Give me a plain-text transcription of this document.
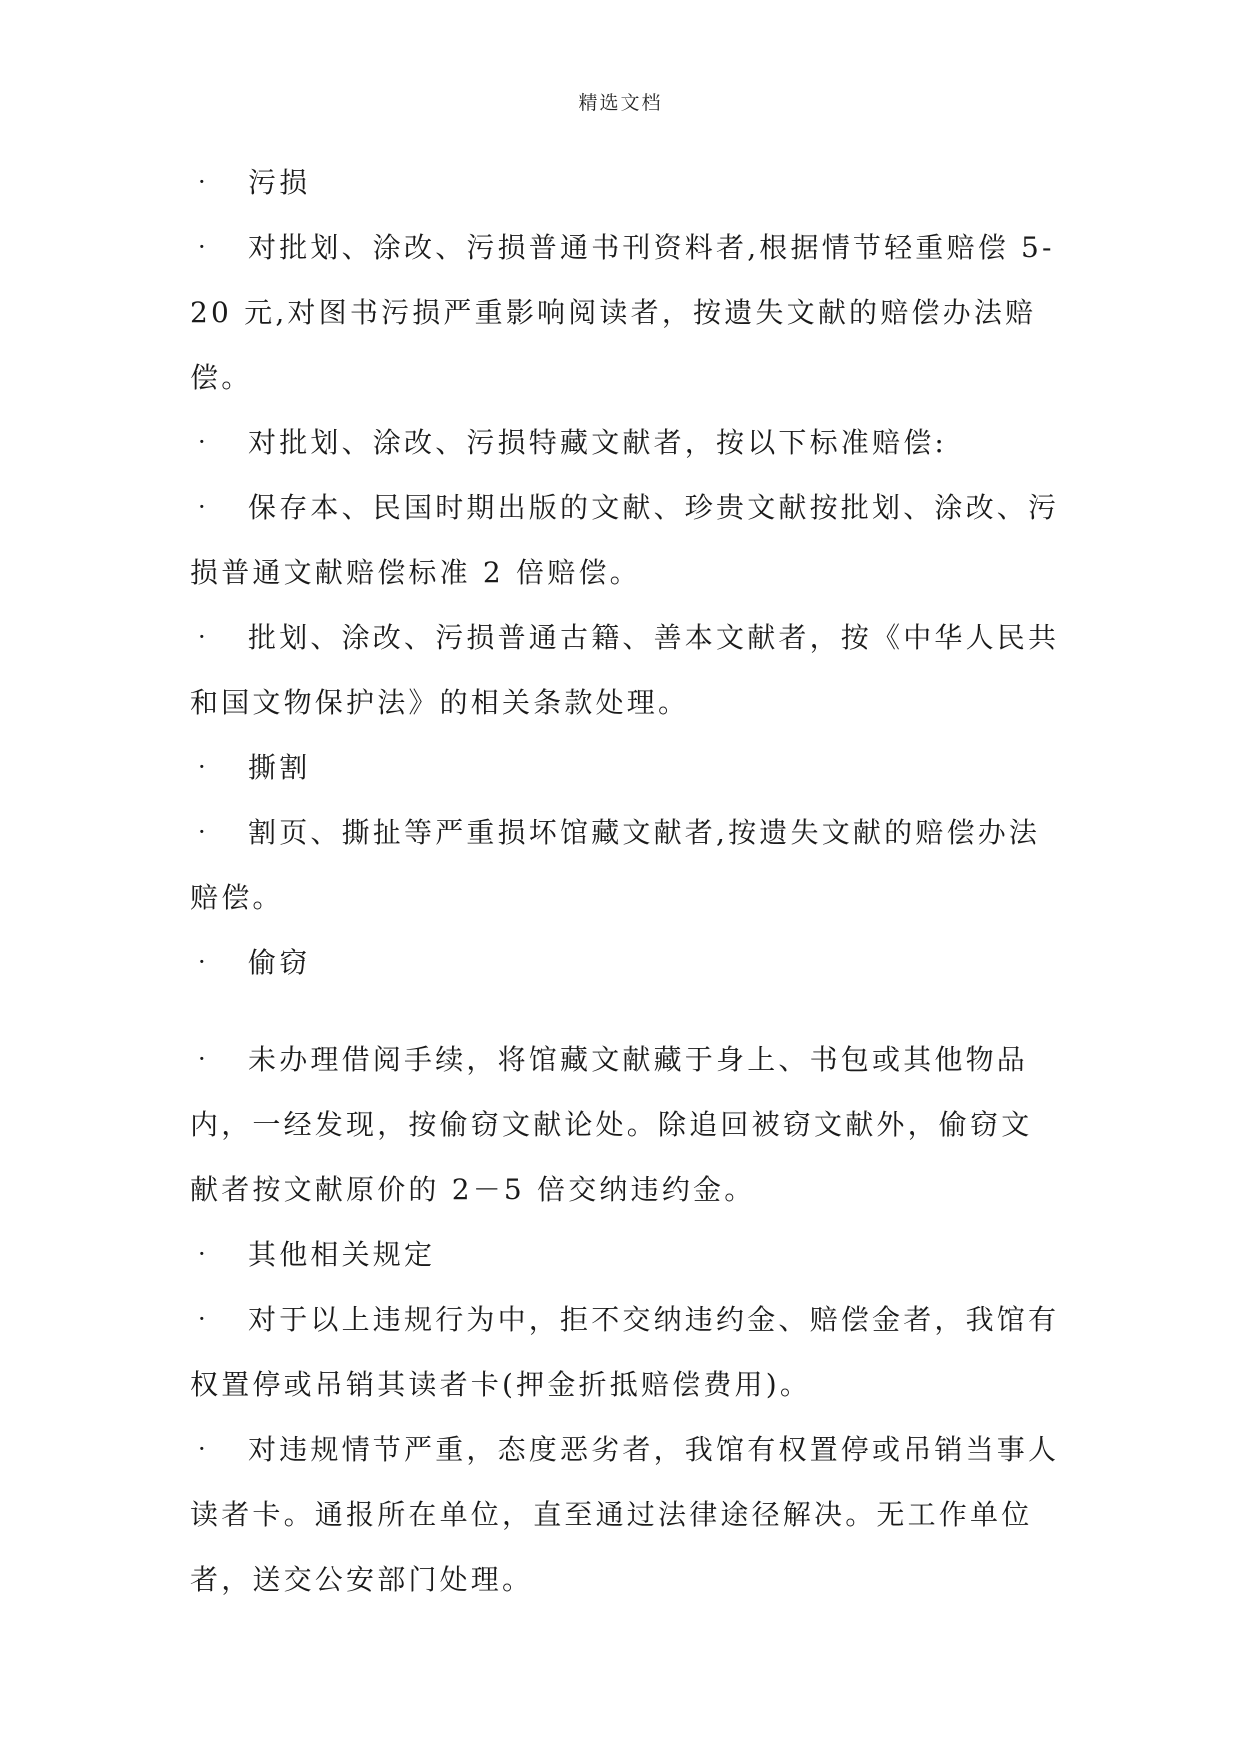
精选文档

·	污损

·	对批划、涂改、污损普通书刊资料者,根据情节轻重赔偿 5-20 元,对图书污损严重影响阅读者，按遗失文献的赔偿办法赔偿。

·	对批划、涂改、污损特藏文献者，按以下标准赔偿:

·	保存本、民国时期出版的文献、珍贵文献按批划、涂改、污损普通文献赔偿标准 2 倍赔偿。

·	批划、涂改、污损普通古籍、善本文献者，按《中华人民共和国文物保护法》的相关条款处理。

·	撕割

·	割页、撕扯等严重损坏馆藏文献者,按遗失文献的赔偿办法赔偿。

·	偷窃

·	未办理借阅手续，将馆藏文献藏于身上、书包或其他物品内，一经发现，按偷窃文献论处。除追回被窃文献外，偷窃文献者按文献原价的 2－5 倍交纳违约金。

·	其他相关规定

·	对于以上违规行为中，拒不交纳违约金、赔偿金者，我馆有权置停或吊销其读者卡(押金折抵赔偿费用)。

·	对违规情节严重，态度恶劣者，我馆有权置停或吊销当事人读者卡。通报所在单位，直至通过法律途径解决。无工作单位者，送交公安部门处理。
